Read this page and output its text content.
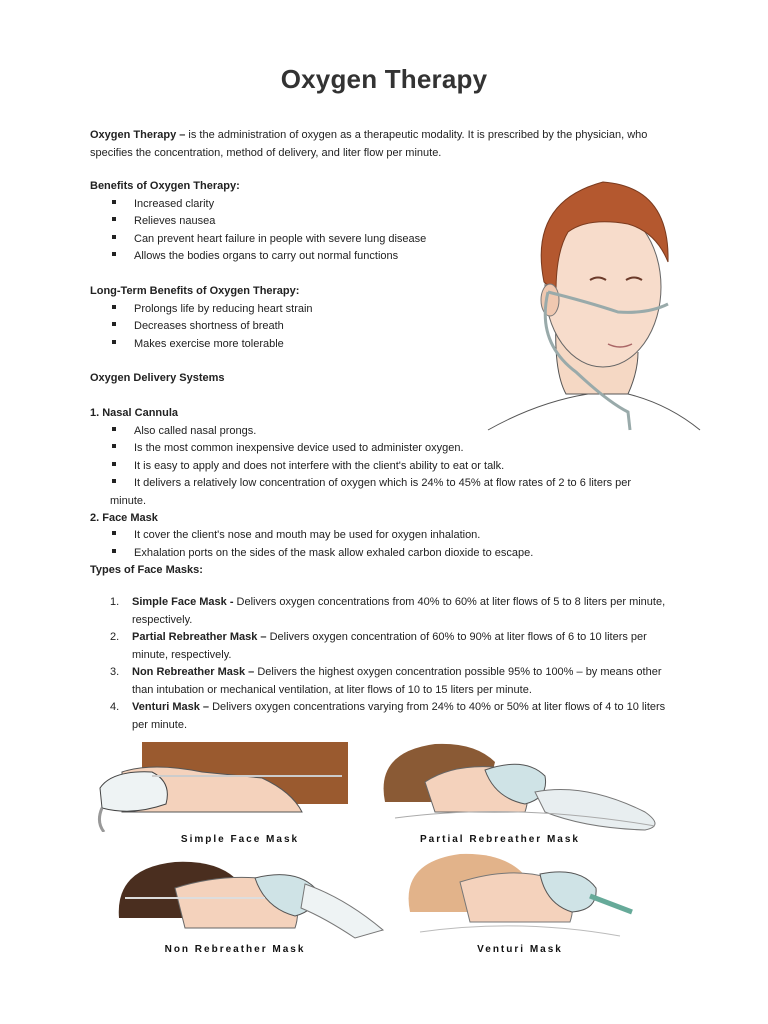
Oxygen Therapy
Oxygen Therapy – is the administration of oxygen as a therapeutic modality. It is prescribed by the physician, who specifies the concentration, method of delivery, and liter flow per minute.
Benefits of Oxygen Therapy:
Increased clarity
Relieves nausea
Can prevent heart failure in people with severe lung disease
Allows the bodies organs to carry out normal functions
Long-Term Benefits of Oxygen Therapy:
Prolongs life by reducing heart strain
Decreases shortness of breath
Makes exercise more tolerable
Oxygen Delivery Systems
1. Nasal Cannula
Also called nasal prongs.
Is the most common inexpensive device used to administer oxygen.
It is easy to apply and does not interfere with the client's ability to eat or talk.
It delivers a relatively low concentration of oxygen which is 24% to 45% at flow rates of 2 to 6 liters per
minute.
2. Face Mask
It cover the client's nose and mouth may be used for oxygen inhalation.
Exhalation ports on the sides of the mask allow exhaled carbon dioxide to escape.
Types of Face Masks:
1. Simple Face Mask - Delivers oxygen concentrations from 40% to 60% at liter flows of 5 to 8 liters per minute, respectively.
2. Partial Rebreather Mask – Delivers oxygen concentration of 60% to 90% at liter flows of 6 to 10 liters per minute, respectively.
3. Non Rebreather Mask – Delivers the highest oxygen concentration possible 95% to 100% – by means other than intubation or mechanical ventilation, at liter flows of 10 to 15 liters per minute.
4. Venturi Mask – Delivers oxygen concentrations varying from 24% to 40% or 50% at liter flows of 4 to 10 liters per minute.
Simple Face Mask	Partial Rebreather Mask
Non Rebreather Mask	Venturi Mask
